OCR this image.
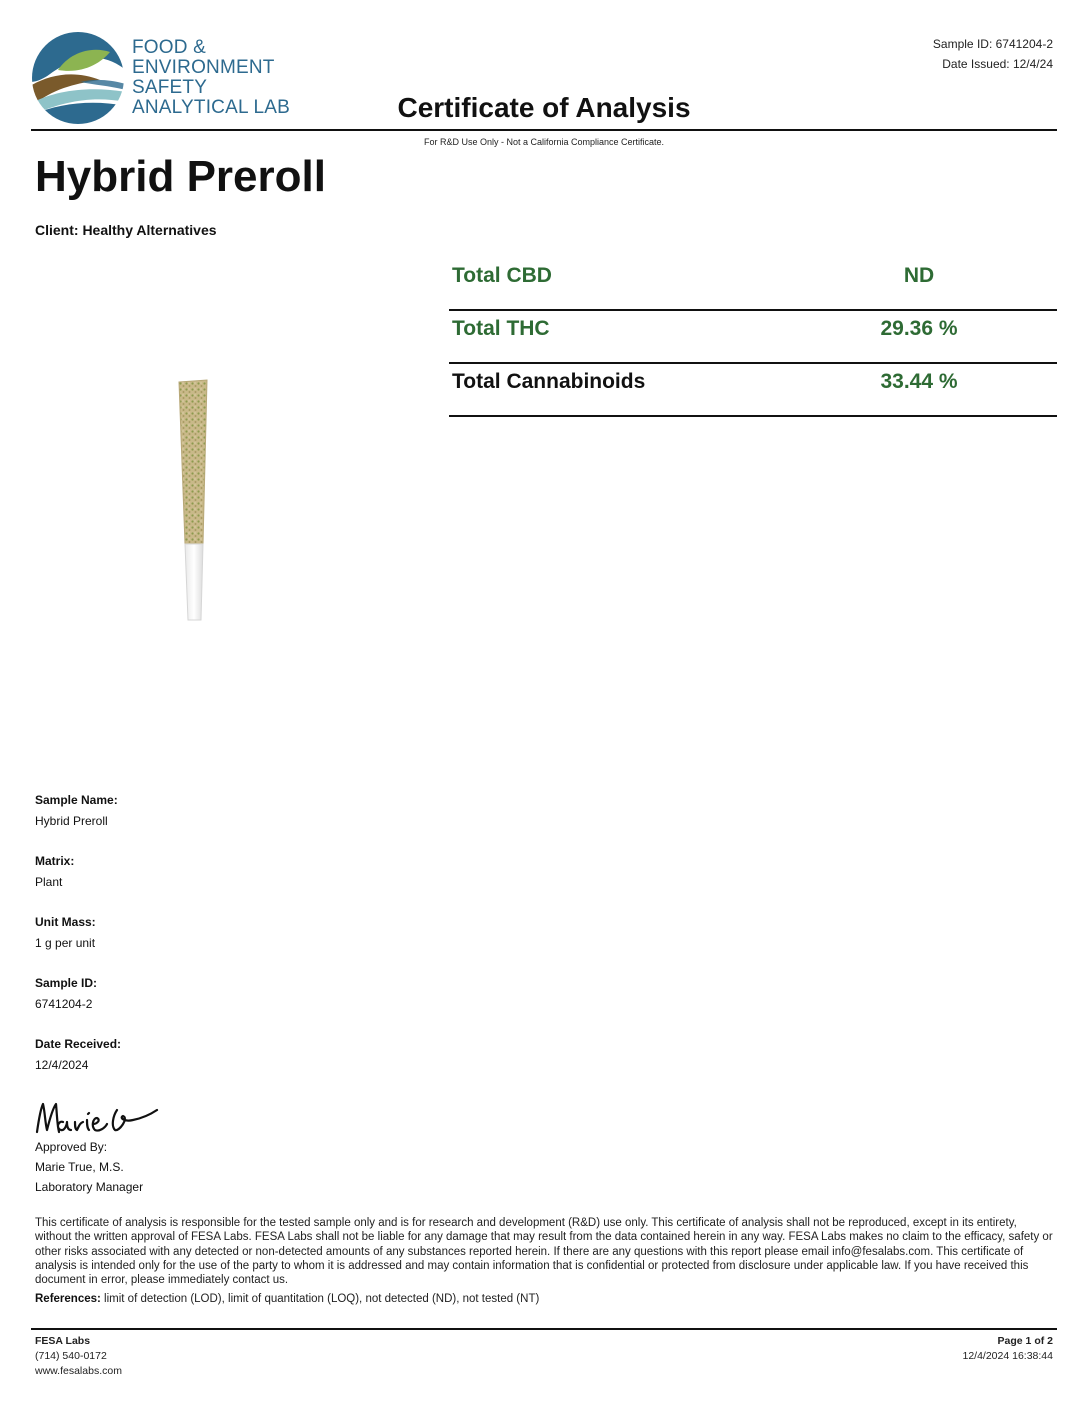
FOOD &
ENVIRONMENT
SAFETY
ANALYTICAL LAB
Sample ID: 6741204-2
Date Issued: 12/4/24
Certificate of Analysis
For R&D Use Only - Not a California Compliance Certificate.
Hybrid Preroll
Client: Healthy Alternatives
Total CBD	ND
Total THC	29.36 %
Total Cannabinoids	33.44 %
Sample Name:
Hybrid Preroll
Matrix:
Plant
Unit Mass:
1 g per unit
Sample ID:
6741204-2
Date Received:
12/4/2024
Approved By:
Marie True, M.S.
Laboratory Manager
This certificate of analysis is responsible for the tested sample only and is for research and development (R&D) use only. This certificate of analysis shall not be reproduced, except in its entirety, without the written approval of FESA Labs. FESA Labs shall not be liable for any damage that may result from the data contained herein in any way. FESA Labs makes no claim to the efficacy, safety or other risks associated with any detected or non-detected amounts of any substances reported herein. If there are any questions with this report please email info@fesalabs.com. This certificate of analysis is intended only for the use of the party to whom it is addressed and may contain information that is confidential or protected from disclosure under applicable law. If you have received this document in error, please immediately contact us.
References: limit of detection (LOD), limit of quantitation (LOQ), not detected (ND), not tested (NT)
FESA Labs
(714) 540-0172
www.fesalabs.com
Page 1 of 2
12/4/2024 16:38:44
